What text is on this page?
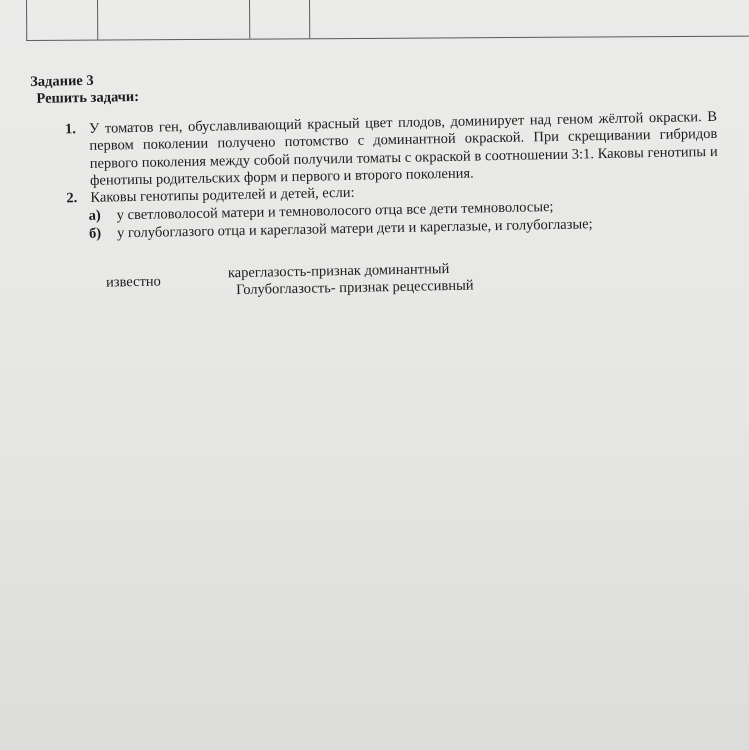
Задание 3
Решить задачи:
1. У томатов ген, обуславливающий красный цвет плодов, доминирует над геном жёлтой окраски. В первом поколении получено потомство с доминантной окраской. При скрещивании гибридов первого поколения между собой получили томаты с окраской в соотношении 3:1. Каковы генотипы и фенотипы родительских форм и первого и второго поколения.
2. Каковы генотипы родителей и детей, если:
а) у светловолосой матери и темноволосого отца все дети темноволосые;
б) у голубоглазого отца и кареглазой матери дети и кареглазые, и голубоглазые;
известно
кареглазость-признак доминантный
Голубоглазость- признак рецессивный
